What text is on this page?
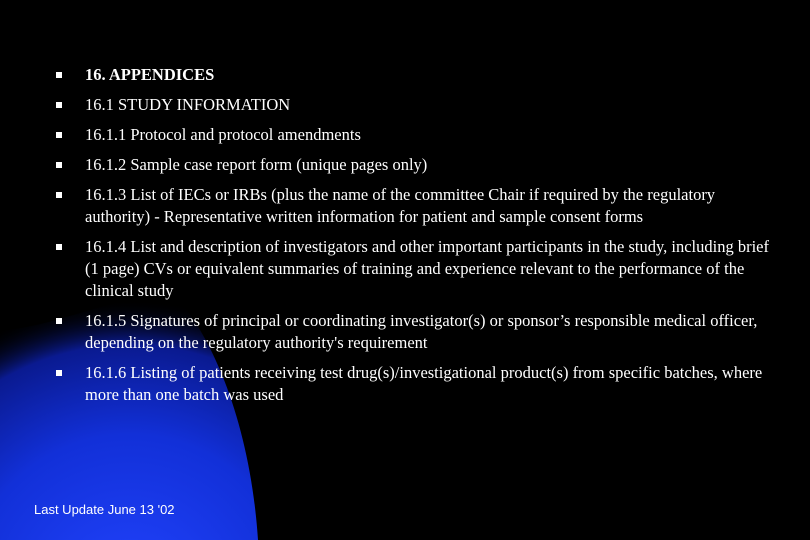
16. APPENDICES
16.1 STUDY INFORMATION
16.1.1 Protocol and protocol amendments
16.1.2 Sample case report form (unique pages only)
16.1.3 List of IECs or IRBs (plus the name of the committee Chair if required by the regulatory authority) - Representative written information for patient and sample consent forms
16.1.4 List and description of investigators and other important participants in the study, including brief (1 page) CVs or equivalent summaries of training and experience relevant to the performance of the clinical study
16.1.5 Signatures of principal or coordinating investigator(s) or sponsor’s responsible medical officer, depending on the regulatory authority's requirement
16.1.6 Listing of patients receiving test drug(s)/investigational product(s) from specific batches, where more than one batch was used
Last Update June 13 '02
